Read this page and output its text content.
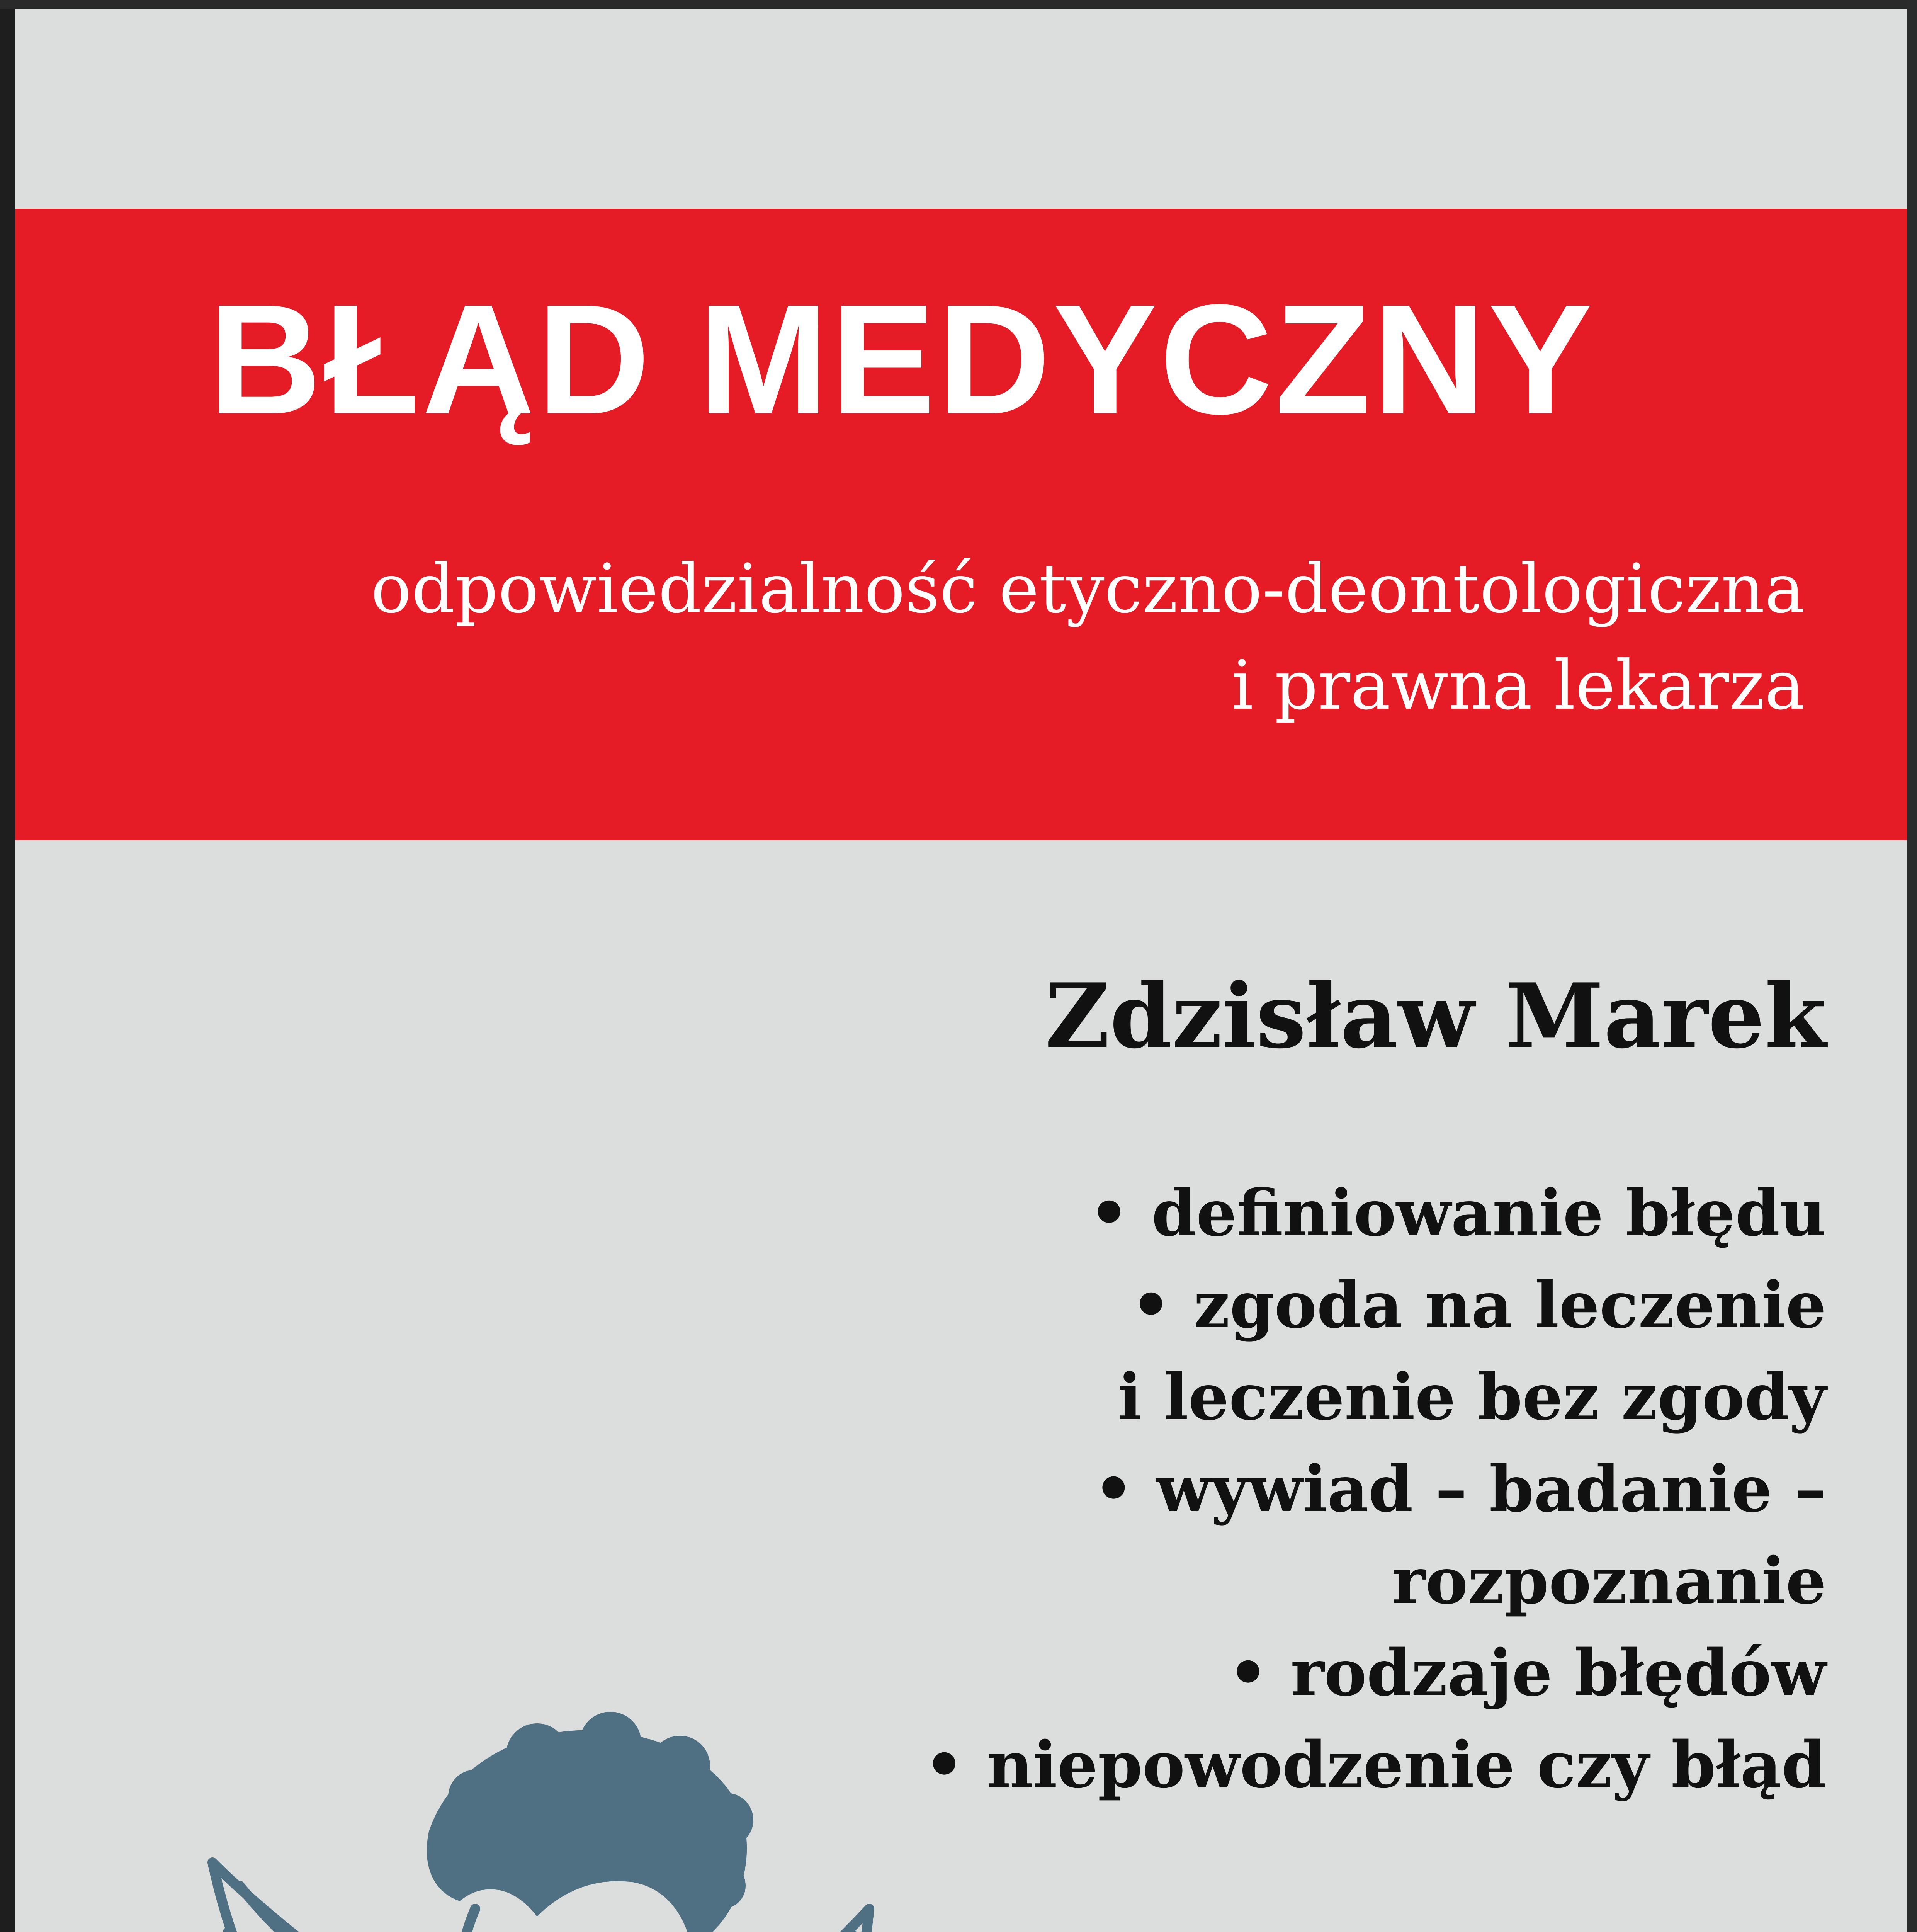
BŁĄD MEDYCZNY
odpowiedzialność etyczno-deontologiczna
i prawna lekarza
Zdzisław Marek
• definiowanie błędu
• zgoda na leczenie
i leczenie bez zgody
• wywiad – badanie –
rozpoznanie
• rodzaje błędów
• niepowodzenie czy błąd
